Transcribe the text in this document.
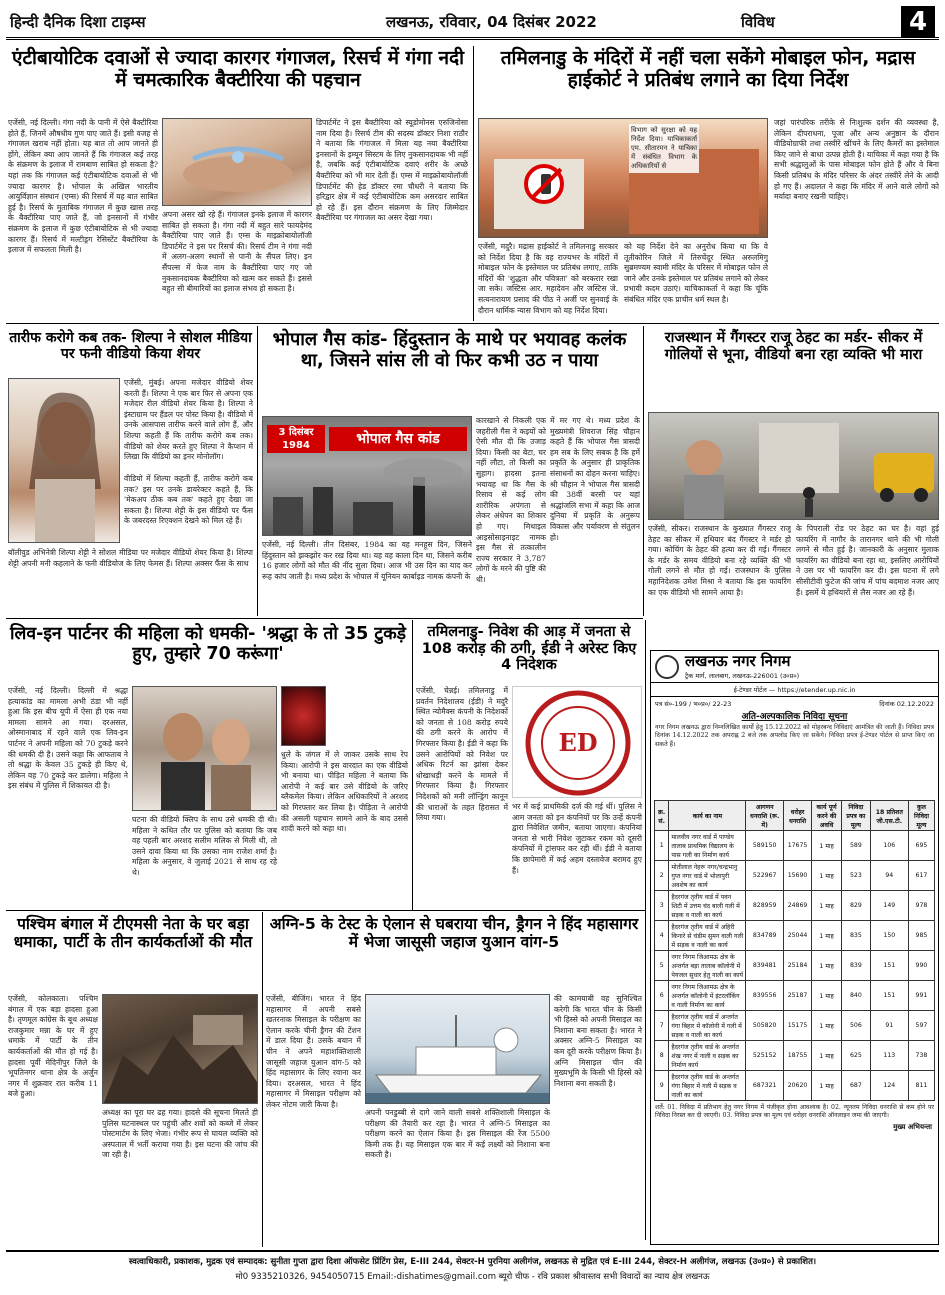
हिन्दी दैनिक दिशा टाइम्स	लखनऊ, रविवार, 04 दिसंबर 2022	विविध	4
एंटीबायोटिक दवाओं से ज्यादा कारगर गंगाजल, रिसर्च में गंगा नदी में चमत्कारिक बैक्टीरिया की पहचान
एजेंसी, नई दिल्ली। गंगा नदी के पानी में ऐसे बैक्टीरिया होते हैं, जिनमें औषधीय गुण पाए जाते हैं। इसी वजह से गंगाजल खराब नहीं होता। यह बात तो आप जानते ही होंगे, लेकिन क्या आप जानते हैं कि गंगाजल कई तरह के संक्रमण के इलाज में रामबाण साबित हो सकता है? यहां तक कि गंगाजल कई एंटीबायोटिक दवाओं से भी ज्यादा कारगर है। भोपाल के अखिल भारतीय आयुर्विज्ञान संस्थान (एम्स) की रिसर्च में यह बात साबित हुई है। रिसर्च के मुताबिक गंगाजल में कुछ खास तरह के बैक्टीरिया पाए जाते हैं, जो इनसानों में गंभीर संक्रमण के इलाज में कुछ एंटीबायोटिक से भी ज्यादा कारगर हैं। रिसर्च में मल्टीड्रग रेसिस्टेंट बैक्टीरिया के इलाज में सफलता मिली है।
अपना असर खो रहे हैं। गंगाजल इनके इलाज में कारगर साबित हो सकता है। गंगा नदी में बहुत सारे फायदेमंद बैक्टीरिया पाए जाते हैं। एम्स के माइक्रोबायोलॉजी डिपार्टमेंट ने इस पर रिसर्च की। रिसर्च टीम ने गंगा नदी में अलग-अलग स्थानों से पानी के सैंपल लिए। इन सैंपल्स में फेज नाम के बैक्टीरिया पाए गए जो नुकसानदायक बैक्टीरिया को खत्म कर सकते हैं। इससे बहुत सी बीमारियों का इलाज संभव हो सकता है।
डिपार्टमेंट ने इस बैक्टीरिया को स्यूडोमोनस एरुजिनोसा नाम दिया है। रिसर्च टीम की सदस्य डॉक्टर निशा राठौर ने बताया कि गंगाजल में मिला यह नया बैक्टीरिया इनसानों के इम्यून सिस्टम के लिए नुकसानदायक भी नहीं है, जबकि कई एंटीबायोटिक दवाएं शरीर के अच्छे बैक्टीरिया को भी मार देती हैं। एम्स में माइक्रोबायोलॉजी डिपार्टमेंट की हेड डॉक्टर रमा चौधरी ने बताया कि हरिद्वार क्षेत्र में कई एंटीबायोटिक कम असरदार साबित हो रहे हैं। इस दौरान संक्रमण के लिए जिम्मेदार बैक्टीरिया पर गंगाजल का असर देखा गया।
तमिलनाडु के मंदिरों में नहीं चला सकेंगे मोबाइल फोन, मद्रास हाईकोर्ट ने प्रतिबंध लगाने का दिया निर्देश
विभाग को सुरक्षा को यह निर्देश दिया। याचिकाकर्ता एम. सीतारमन ने याचिका में संबंधित विभाग के अधिकारियों से
एजेंसी, मदुरै। मद्रास हाईकोर्ट ने तमिलनाडु सरकार को निर्देश दिया है कि वह राज्यभर के मंदिरों में मोबाइल फोन के इस्तेमाल पर प्रतिबंध लगाए, ताकि मंदिरों की 'शुद्धता और पवित्रता' को बरकरार रखा जा सके। जस्टिस आर. महादेवन और जस्टिस जे. सत्यनारायण प्रसाद की पीठ ने अर्जी पर सुनवाई के दौरान धार्मिक न्यास विभाग को यह निर्देश दिया।
को यह निर्देश देने का अनुरोध किया था कि वे तूतीकोरिन जिले में तिरुचेंदूर स्थित अरुलमिगु सुब्रमण्यम स्वामी मंदिर के परिसर में मोबाइल फोन ले जाने और उनके इस्तेमाल पर प्रतिबंध लगाने को लेकर प्रभावी कदम उठाएं। याचिकाकर्ता ने कहा कि चूंकि संबंधित मंदिर एक प्राचीन धर्म स्थल है।
जहां पारंपरिक तरीके से निःशुल्क दर्शन की व्यवस्था है, लेकिन दीपराधना, पूजा और अन्य अनुष्ठान के दौरान वीडियोग्राफी तथा तस्वीरें खींचने के लिए कैमरों का इस्तेमाल किए जाने से बाधा उत्पन्न होती है। याचिका में कहा गया है कि सभी श्रद्धालुओं के पास मोबाइल फोन होते हैं और वे बिना किसी प्रतिबंध के मंदिर परिसर के अंदर तस्वीरें लेने के आदी हो गए हैं। अदालत ने कहा कि मंदिर में आने वाले लोगों को मर्यादा बनाए रखनी चाहिए।
तारीफ करोगे कब तक- शिल्पा ने सोशल मीडिया पर फनी वीडियो किया शेयर
एजेंसी, मुंबई। अपना मजेदार वीडियो शेयर करती हैं। शिल्पा ने एक बार फिर से अपना एक मजेदार रील वीडियो शेयर किया है। शिल्पा ने इंस्टाग्राम पर हैंडल पर पोस्ट किया है। वीडियो में उनके आसपास तारीफ करने वाले लोग हैं, और शिल्पा कहती हैं कि तारीफ करोगे कब तक। वीडियो को शेयर करते हुए शिल्पा ने कैप्शन में लिखा कि वीडियो का इनर मोनोलॉग।
वीडियो में शिल्पा कहती हैं, तारीफ करोगे कब तक? इस पर उनके डायरेक्टर कहते हैं, कि 'मेकअप ठीक कब तक' कहते हुए देखा जा सकता है। शिल्पा शेट्टी के इस वीडियो पर फैंस के जबरदस्त रिएक्शन देखने को मिल रहे हैं।
बॉलीवुड अभिनेत्री शिल्पा शेट्टी ने सोशल मीडिया पर मजेदार वीडियो शेयर किया है। शिल्पा शेट्टी अपनी मनी कहलाने के फनी वीडियोज के लिए फेमस हैं। शिल्पा अक्सर फैंस के साथ
भोपाल गैस कांड- हिंदुस्तान के माथे पर भयावह कलंक था, जिसने सांस ली वो फिर कभी उठ न पाया
3 दिसंबर 1984	भोपाल गैस कांड
एजेंसी, नई दिल्ली। तीन दिसंबर, 1984 का वह मनहूस दिन, जिसने हिंदुस्तान को झकझोर कर रख दिया था। यह वह काला दिन था, जिसने करीब 16 हजार लोगों को मौत की नींद सुला दिया। आज भी उस दिन का याद कर रूह कांप जाती है। मध्य प्रदेश के भोपाल में यूनियन कार्बाइड नामक कंपनी के
कारखाने से निकली एक जहरीली गैस ने कइयों को ऐसी मौत दी कि उजाड़ दिया। किसी का बेटा, घर नहीं लौटा, तो किसी का सुहाग। हादसा इतना भयावह था कि गैस के रिसाव से कई लोग शारीरिक अपंगता से लेकर अंधेपन का शिकार हो गए। मिथाइल आइसोसाइनाइट नामक इस गैस से तत्कालीन राज्य सरकार ने 3,787 लोगों के मरने की पुष्टि की थी।
में मर गए थे। मध्य प्रदेश के मुख्यमंत्री शिवराज सिंह चौहान कहते हैं कि भोपाल गैस त्रासदी हम सब के लिए सबक है कि हमें प्रकृति के अनुसार ही प्राकृतिक संसाधनों का दोहन करना चाहिए। श्री चौहान ने भोपाल गैस त्रासदी की 38वीं बरसी पर यहां श्रद्धांजलि सभा में कहा कि आज दुनिया में प्रकृति के अनुरूप विकास और पर्यावरण से संतुलन हो।
राजस्थान में गैंगस्टर राजू ठेहट का मर्डर- सीकर में गोलियों से भूना, वीडियो बना रहा व्यक्ति भी मारा
एजेंसी, सीकर। राजस्थान के कुख्यात गैंगस्टर राजू ठेहट का सीकर में हथियार बंद गैंगस्टर ने मर्डर हो गया। कोचिंग के ठेहट की हत्या कर दी गई। गैंगस्टर के मर्डर के समय वीडियो बना रहे व्यक्ति की भी गोली लगने से मौत हो गई। राजस्थान के पुलिस महानिदेशक उमेश मिश्रा ने बताया कि इस फायरिंग का एक वीडियो भी सामने आया है।
के पिपराली रोड पर ठेहट का घर है। वहां हुई फायरिंग में नागौर के तारानगर थाने की भी गोली लगने से मौत हुई है। जानकारी के अनुसार मुलाक फायरिंग का वीडियो बना रहा था, इसलिए आरोपियों ने उस पर भी फायरिंग कर दी। इस घटना में लगे सीसीटीवी फुटेज की जांच में पांच बदमाश नजर आए हैं। इसमें ये हथियारों से लैस नजर आ रहे हैं।
लिव-इन पार्टनर की महिला को धमकी- 'श्रद्धा के तो 35 टुकड़े हुए, तुम्हारे 70 करूंगा'
एजेंसी, नई दिल्ली। दिल्ली में श्रद्धा हत्याकांड का मामला अभी ठंडा भी नहीं हुआ कि इस बीच यूपी में ऐसा ही एक नया मामला सामने आ गया। दरअसल, ओस्मानाबाद में रहने वाले एक लिव-इन पार्टनर ने अपनी महिला को 70 टुकड़े करने की धमकी दी है। उसने कहा कि आफताब ने तो श्रद्धा के केवल 35 टुकड़े ही किए थे, लेकिन वह 70 टुकड़े कर डालेगा। महिला ने इस संबंध में पुलिस में शिकायत दी है।
घटना की वीडियो क्लिप के साथ उसे धमकी दी थी। महिला ने कथित तौर पर पुलिस को बताया कि जब वह पहली बार अरशद सलीम मलिक से मिली थी, तो उसने दावा किया था कि उसका नाम राजेश शर्मा है। महिला के अनुसार, वे जुलाई 2021 से साथ रह रहे थे।
धुले के जंगल में ले जाकर उसके साथ रेप किया। आरोपी ने इस वारदात का एक वीडियो भी बनाया था। पीड़ित महिला ने बताया कि आरोपी ने कई बार उसे वीडियो के जरिए ब्लैकमेल किया। लेकिन अधिकारियों ने अरशद को गिरफ्तार कर लिया है। पीड़िता ने आरोपी की असली पहचान सामने आने के बाद उससे शादी करने को कहा था।
तमिलनाडु- निवेश की आड़ में जनता से 108 करोड़ की ठगी, ईडी ने अरेस्ट किए 4 निदेशक
ED
एजेंसी, चेन्नई। तमिलनाडु में प्रवर्तन निदेशालय (ईडी) ने मदुरै स्थित न्योमैक्स कंपनी के निदेशकों को जनता से 108 करोड़ रुपये की ठगी करने के आरोप में गिरफ्तार किया है। ईडी ने कहा कि उसने आरोपियों को निवेश पर अधिक रिटर्न का झांसा देकर धोखाधड़ी करने के मामले में गिरफ्तार किया है। गिरफ्तार निदेशकों को मनी लॉन्ड्रिंग कानून की धाराओं के तहत हिरासत में लिया गया।
भर में कई प्राथमिकी दर्ज की गई थीं। पुलिस ने आम जनता को इन कंपनियों पर कि उन्हें कंपनी द्वारा निवेशित जमीन, बताया जाएगा। कंपनियां जनता से भारी निवेश जुटाकर रकम को दूसरी कंपनियों में ट्रांसफर कर रही थीं। ईडी ने बताया कि छापेमारी में कई अहम दस्तावेज बरामद हुए हैं।
लखनऊ नगर निगम
ट्रैक मार्ग, लालबाग, लखनऊ-226001 (उ०प्र०)
ई-टेण्डर पोर्टल — https://etender.up.nic.in
पत्र सं०-199 / भ०प्र०/ 22-23	दिनांक 02.12.2022
अति-अल्पकालिक निविदा सूचना
नगर निगम लखनऊ द्वारा निम्नलिखित कार्यों हेतु 15.12.2022 को मोहरबन्द निविदाएं आमंत्रित की जाती हैं। निविदा प्रपत्र दिनांक 14.12.2022 तक अपराह्न 2 बजे तक अपलोड किए जा सकेंगे। निविदा प्रपत्र ई-टेण्डर पोर्टल से प्राप्त किए जा सकते हैं।
क्र. सं.	कार्य का नाम	आगणन धनराशि (रू. में)	धरोहर धनराशि	कार्य पूर्ण करने की अवधि	निविदा प्रपत्र का मूल्य	18 प्रतिशत जी.एस.टी.	कुल निविदा मूल्य
1	मालवीय नगर वार्ड में पाण्डेय तालाब प्राथमिक विद्यालय के पास गली का निर्माण कार्य	589150	17675	1 माह	589	106	695
2	मोतीलाल नेहरू नगर/चन्द्रभानु गुप्त नगर वार्ड में भोलापुरी अवशेष का कार्य	522967	15690	1 माह	523	94	617
3	हैदरगंज तृतीय वार्ड में पवन शिटी में उत्तम चंद बाली गली में सड़क व नाली का कार्य	828959	24869	1 माह	829	149	978
4	हैदरगंज तृतीय वार्ड में अहिरी किनारे से चंडीम सुमन वाली गली में सड़क व नाली का कार्य	834789	25044	1 माह	835	150	985
5	नगर निगम जिआमऊ क्षेत्र के अन्तर्गत बड़ा तालाब कॉलोनी में पेयजल सुधार हेतु नाली का कार्य	839481	25184	1 माह	839	151	990
6	नगर निगम जिआमऊ क्षेत्र के अन्तर्गत कॉलोनी में इंटरलॉकिंग व नाली निर्माण का कार्य	839556	25187	1 माह	840	151	991
7	हैदरगंज तृतीय वार्ड में अन्तर्गत गंगा बिहार में कॉलोनी में गली में सड़क व नाली का कार्य	505820	15175	1 माह	506	91	597
8	हैदरगंज तृतीय वार्ड के अन्तर्गत शंख नगर में नाली व सड़क का निर्माण कार्य	525152	18755	1 माह	625	113	738
9	हैदरगंज तृतीय वार्ड के अन्तर्गत गंगा बिहार में गली में सड़क व नाली का कार्य	687321	20620	1 माह	687	124	811
शर्तें: 01. निविदा में प्रतिभाग हेतु नगर निगम में पंजीकृत होना आवश्यक है। 02. न्यूनतम निविदा धनराशि से कम होने पर निविदा निरस्त कर दी जाएगी। 03. निविदा प्रपत्र का मूल्य एवं धरोहर धनराशि ऑनलाइन जमा की जाएगी।
मुख्य अभियन्ता
पश्चिम बंगाल में टीएमसी नेता के घर बड़ा धमाका, पार्टी के तीन कार्यकर्ताओं की मौत
एजेंसी, कोलकाता। पश्चिम बंगाल में एक बड़ा हादसा हुआ है। तृणमूल कांग्रेस के बूथ अध्यक्ष राजकुमार मन्ना के घर में हुए धमाके में पार्टी के तीन कार्यकर्ताओं की मौत हो गई है। हादसा पूर्वी मेदिनीपुर जिले के भूपतिनगर थाना क्षेत्र के अर्जुन नगर में शुक्रवार रात करीब 11 बजे हुआ।
अध्यक्ष का पूरा घर ढह गया। हादसे की सूचना मिलते ही पुलिस घटनास्थल पर पहुंची और शवों को कब्जे में लेकर पोस्टमार्टम के लिए भेजा। गंभीर रूप से घायल व्यक्ति को अस्पताल में भर्ती कराया गया है। इस घटना की जांच की जा रही है।
अग्नि-5 के टेस्ट के ऐलान से घबराया चीन, ड्रैगन ने हिंद महासागर में भेजा जासूसी जहाज युआन वांग-5
एजेंसी, बीजिंग। भारत ने हिंद महासागर में अपनी सबसे खतरनाक मिसाइल के परीक्षण का ऐलान करके चीनी ड्रैगन की टेंशन में डाल दिया है। उसके बयान में चीन ने अपने महाशक्तिशाली जासूसी जहाज युआन वांग-5 को हिंद महासागर के लिए रवाना कर दिया। दरअसल, भारत ने हिंद महासागर में मिसाइल परीक्षण को लेकर नोटम जारी किया है।
अपनी पनडुब्बी से दागे जाने वाली सबसे शक्तिशाली मिसाइल के परीक्षण की तैयारी कर रहा है। भारत ने अग्नि-5 मिसाइल का परीक्षण करने का ऐलान किया है। इस मिसाइल की रेंज 5500 किमी तक है। यह मिसाइल एक बार में कई लक्ष्यों को निशाना बना सकती है।
की कामयाबी वह सुनिश्चित करेगी कि भारत चीन के किसी भी हिस्से को अपनी मिसाइल का निशाना बना सकता है। भारत ने अक्सर अग्नि-5 मिसाइल का कम दूरी करके परीक्षण किया है। अग्नि मिसाइल चीन की मुख्यभूमि के किसी भी हिस्से को निशाना बना सकती है।
स्वत्वाधिकारी, प्रकाशक, मुद्रक एवं सम्पादक: सुनीता गुप्ता द्वारा दिशा ऑफसेट प्रिंटिंग प्रेस, E-III 244, सेक्टर-H पुरनिया अलीगंज, लखनऊ से मुद्रित एवं E-III 244, सेक्टर-H अलीगंज, लखनऊ (उ०प्र०) से प्रकाशित।
मो0 9335210326, 9454050715 Email:-dishatimes@gmail.com ब्यूरो चीफ - रवि प्रकाश श्रीवास्तव सभी विवादों का न्याय क्षेत्र लखनऊ
